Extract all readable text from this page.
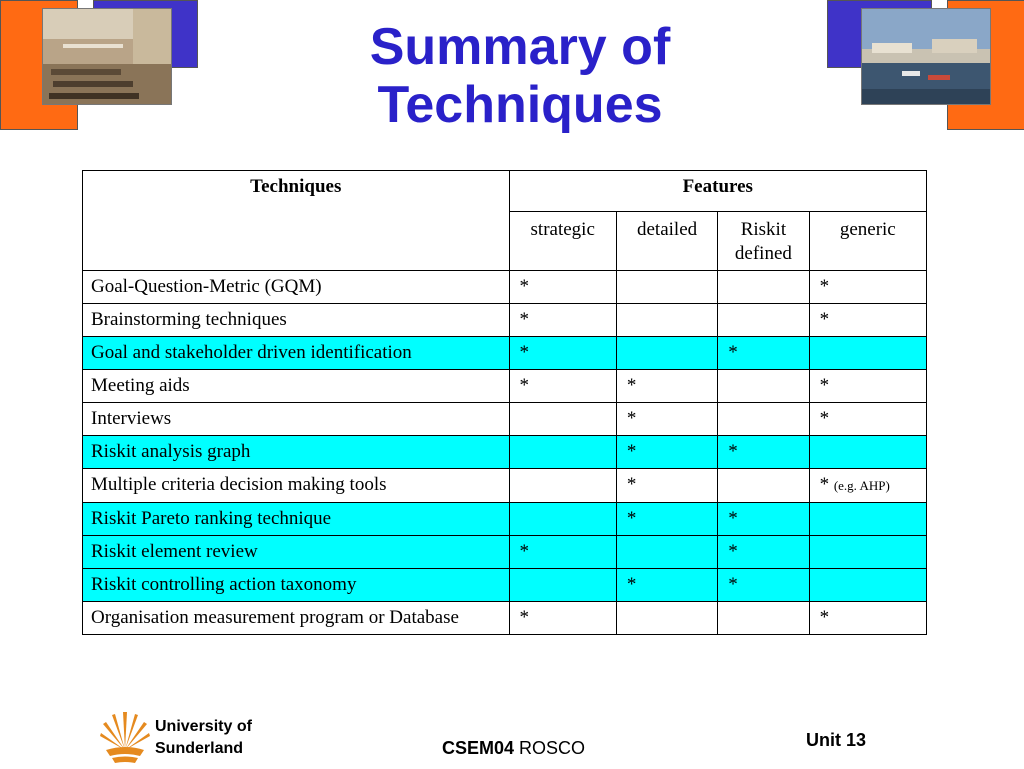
Summary of
Techniques
Techniques	Features			
	strategic	detailed	Riskit defined	generic
Goal-Question-Metric (GQM)	*			*
Brainstorming techniques	*			*
Goal and stakeholder driven identification	*		*	
Meeting aids	*	*		*
Interviews		*		*
Riskit analysis graph		*	*	
Multiple criteria decision making tools		*		* (e.g. AHP)
Riskit Pareto ranking technique		*	*	
Riskit element review	*		*	
Riskit controlling action taxonomy		*	*	
Organisation measurement program or Database	*			*
University of
Sunderland	CSEM04 ROSCO	Unit 13
